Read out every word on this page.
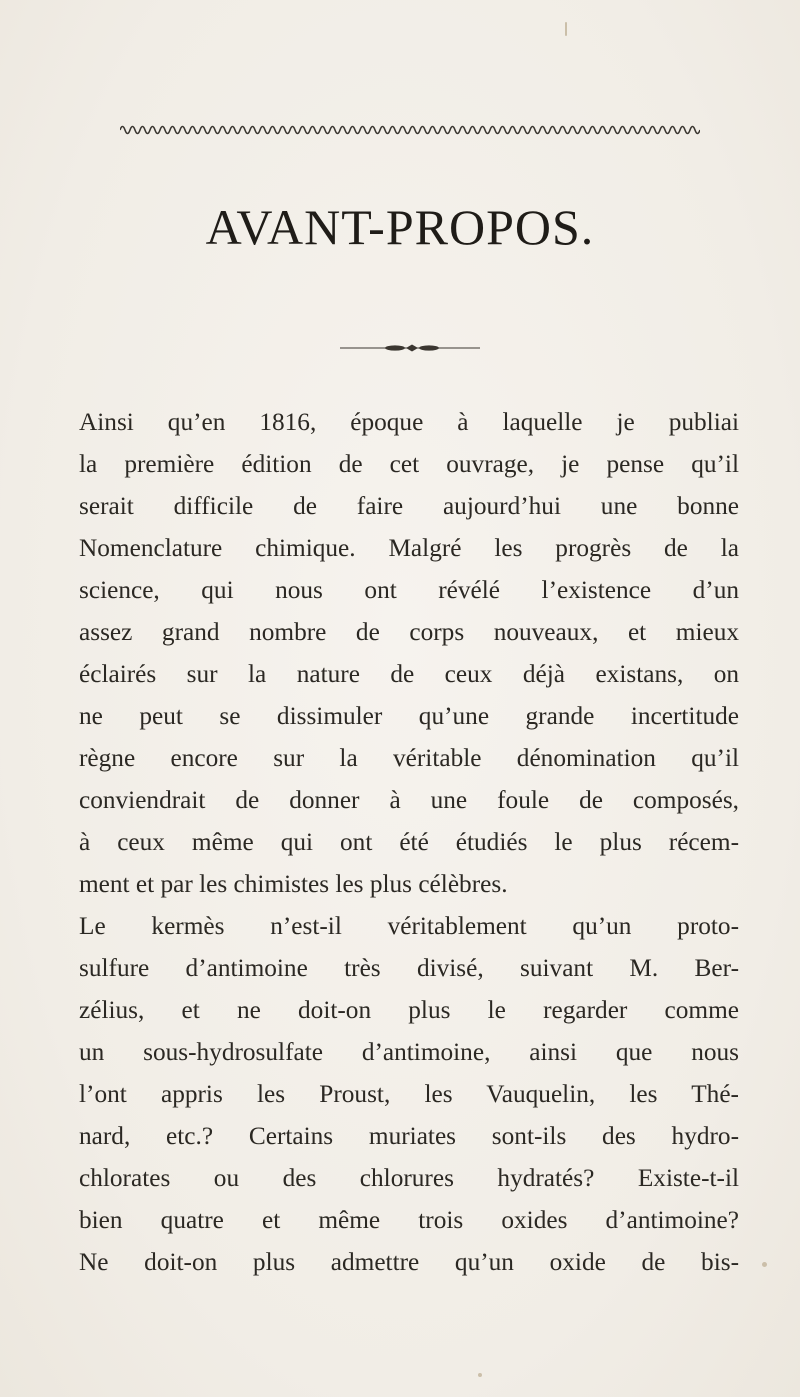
AVANT-PROPOS.
Ainsi qu’en 1816, époque à laquelle je publiai
la première édition de cet ouvrage, je pense qu’il
serait difficile de faire aujourd’hui une bonne
Nomenclature chimique. Malgré les progrès de la
science, qui nous ont révélé l’existence d’un
assez grand nombre de corps nouveaux, et mieux
éclairés sur la nature de ceux déjà existans, on
ne peut se dissimuler qu’une grande incertitude
règne encore sur la véritable dénomination qu’il
conviendrait de donner à une foule de composés,
à ceux même qui ont été étudiés le plus récem-
ment et par les chimistes les plus célèbres.
Le kermès n’est-il véritablement qu’un proto-
sulfure d’antimoine très divisé, suivant M. Ber-
zélius, et ne doit-on plus le regarder comme
un sous-hydrosulfate d’antimoine, ainsi que nous
l’ont appris les Proust, les Vauquelin, les Thé-
nard, etc.? Certains muriates sont-ils des hydro-
chlorates ou des chlorures hydratés? Existe-t-il
bien quatre et même trois oxides d’antimoine?
Ne doit-on plus admettre qu’un oxide de bis-
